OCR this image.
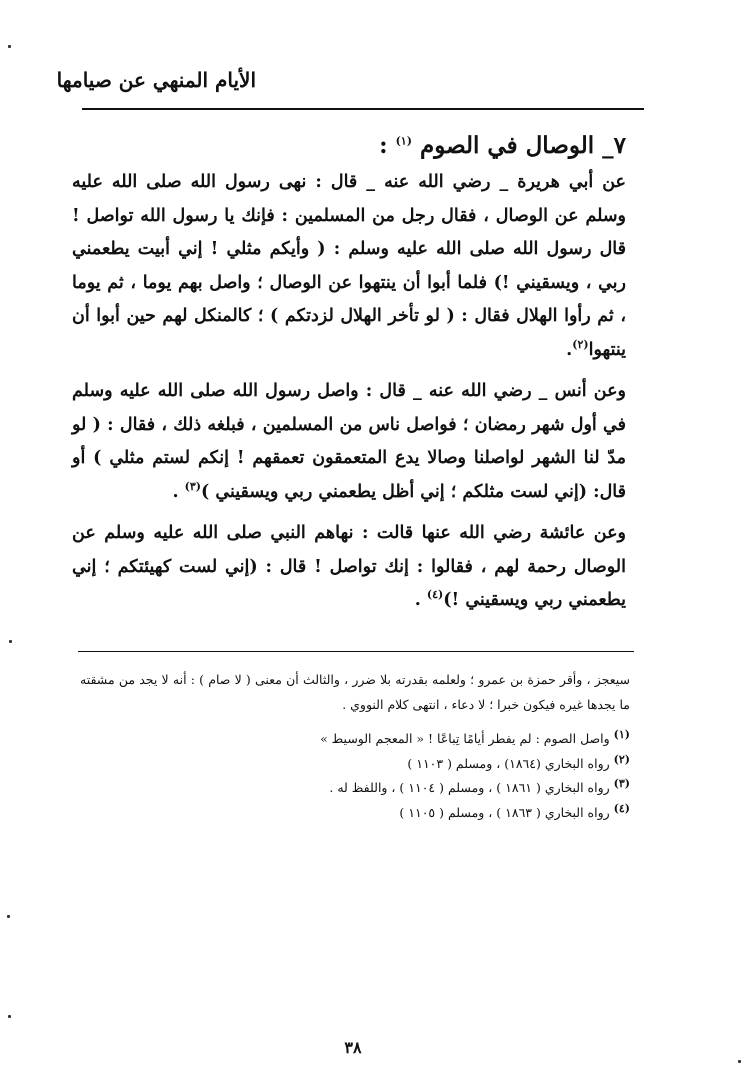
الأيام المنهي عن صيامها
٧_ الوصال في الصوم $^{(١)}$ :

عن أبي هريرة _ رضي الله عنه _ قال : نهى رسول الله صلى الله عليه وسلم عن الوصال ، فقال رجل من المسلمين : فإنك يا رسول الله تواصل ! قال رسول الله صلى الله عليه وسلم : ( وأيكم مثلي ! إني أبيت يطعمني ربي ، ويسقيني !) فلما أبوا أن ينتهوا عن الوصال ؛ واصل بهم يوما ، ثم يوما ، ثم رأوا الهلال فقال : ( لو تأخر الهلال لزدتكم ) ؛ كالمنكل لهم حين أبوا أن ينتهوا$^{(٢)}$.

وعن أنس _ رضي الله عنه _ قال : واصل رسول الله صلى الله عليه وسلم في أول شهر رمضان ؛ فواصل ناس من المسلمين ، فبلغه ذلك ، فقال : ( لو مدّ لنا الشهر لواصلنا وصالا يدع المتعمقون تعمقهم ! إنكم لستم مثلي ) أو قال: (إني لست مثلكم ؛ إني أظل يطعمني ربي ويسقيني )$^{(٣)}$ .

وعن عائشة رضي الله عنها قالت : نهاهم النبي صلى الله عليه وسلم عن الوصال رحمة لهم ، فقالوا : إنك تواصل ! قال : (إني لست كهيئتكم ؛ إني يطعمني ربي ويسقيني !)$^{(٤)}$ .

سيعجز ، وأقر حمزة بن عمرو ؛ ولعلمه بقدرته بلا ضرر ، والثالث أن معنى ( لا صام ) : أنه لا يجد من مشقته ما يجدها غيره فيكون خبرا ؛ لا دعاء ، انتهى كلام النووي .

$^{(١)}$ واصل الصوم : لم يفطر أيامًا تِباعًا ! « المعجم الوسيط »

$^{(٢)}$ رواه البخاري (١٨٦٤) ، ومسلم ( ١١٠٣ )

$^{(٣)}$ رواه البخاري ( ١٨٦١ ) ، ومسلم ( ١١٠٤ ) ، واللفظ له .

$^{(٤)}$ رواه البخاري ( ١٨٦٣ ) ، ومسلم ( ١١٠٥ )

٣٨
